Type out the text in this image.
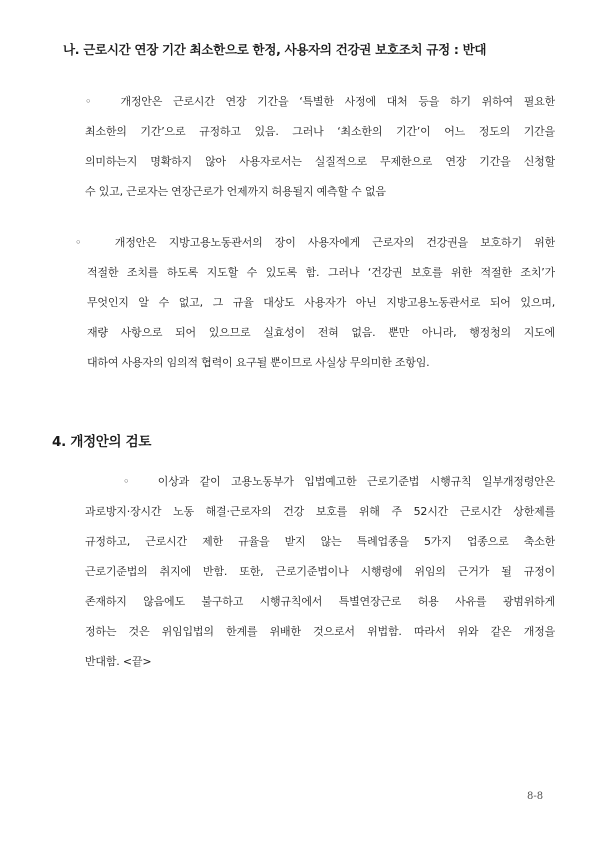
나. 근로시간 연장 기간 최소한으로 한정, 사용자의 건강권 보호조치 규정 : 반대
◦ 개정안은 근로시간 연장 기간을 ‘특별한 사정에 대처 등을 하기 위하여 필요한
최소한의 기간’으로 규정하고 있음. 그러나 ‘최소한의 기간’이 어느 정도의 기간을
의미하는지 명확하지 않아 사용자로서는 실질적으로 무제한으로 연장 기간을 신청할
수 있고, 근로자는 연장근로가 언제까지 허용될지 예측할 수 없음
◦ 개정안은 지방고용노동관서의 장이 사용자에게 근로자의 건강권을 보호하기 위한
적절한 조치를 하도록 지도할 수 있도록 함. 그러나 ‘건강권 보호를 위한 적절한 조치’가
무엇인지 알 수 없고, 그 규율 대상도 사용자가 아닌 지방고용노동관서로 되어 있으며,
재량 사항으로 되어 있으므로 실효성이 전혀 없음. 뿐만 아니라, 행정청의 지도에
대하여 사용자의 임의적 협력이 요구될 뿐이므로 사실상 무의미한 조항임.
4. 개정안의 검토
◦ 이상과 같이 고용노동부가 입법예고한 근로기준법 시행규칙 일부개정령안은
과로방지·장시간 노동 해결·근로자의 건강 보호를 위해 주 52시간 근로시간 상한제를
규정하고, 근로시간 제한 규율을 받지 않는 특례업종을 5가지 업종으로 축소한
근로기준법의 취지에 반함. 또한, 근로기준법이나 시행령에 위임의 근거가 될 규정이
존재하지 않음에도 불구하고 시행규칙에서 특별연장근로 허용 사유를 광범위하게
정하는 것은 위임입법의 한계를 위배한 것으로서 위법함. 따라서 위와 같은 개정을
반대함. <끝>
8-8
